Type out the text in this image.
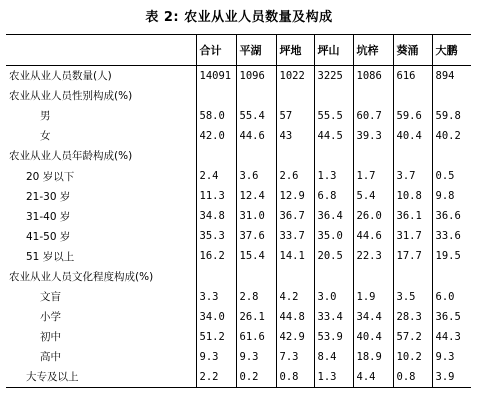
表 2: 农业从业人员数量及构成
	合计	平湖	坪地	坪山	坑梓	葵涌	大鹏
农业从业人员数量(人)	14091	1096	1022	3225	1086	616	894
农业从业人员性别构成(%)							
男	58.0	55.4	57	55.5	60.7	59.6	59.8
女	42.0	44.6	43	44.5	39.3	40.4	40.2
农业从业人员年龄构成(%)							
20 岁以下	2.4	3.6	2.6	1.3	1.7	3.7	0.5
21-30 岁	11.3	12.4	12.9	6.8	5.4	10.8	9.8
31-40 岁	34.8	31.0	36.7	36.4	26.0	36.1	36.6
41-50 岁	35.3	37.6	33.7	35.0	44.6	31.7	33.6
51 岁以上	16.2	15.4	14.1	20.5	22.3	17.7	19.5
农业从业人员文化程度构成(%)							
文盲	3.3	2.8	4.2	3.0	1.9	3.5	6.0
小学	34.0	26.1	44.8	33.4	34.4	28.3	36.5
初中	51.2	61.6	42.9	53.9	40.4	57.2	44.3
高中	9.3	9.3	7.3	8.4	18.9	10.2	9.3
大专及以上	2.2	0.2	0.8	1.3	4.4	0.8	3.9
